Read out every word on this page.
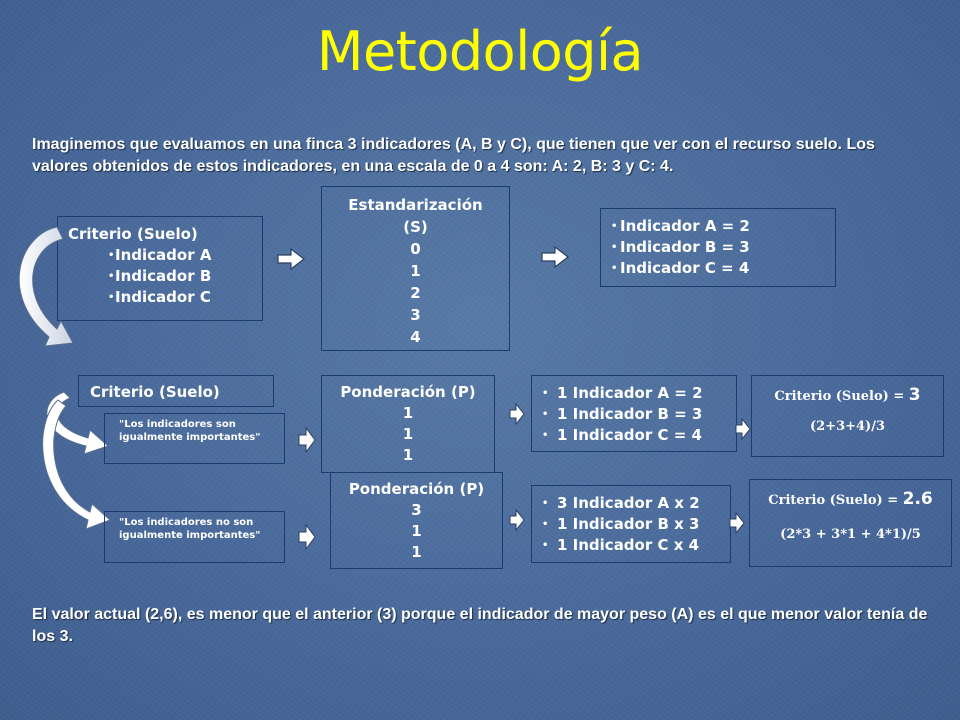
Metodología
Imaginemos que evaluamos en una finca 3 indicadores (A, B y C), que tienen que ver con el recurso suelo. Los valores obtenidos de estos indicadores, en una escala de 0 a 4 son: A: 2, B: 3 y C: 4.
Criterio (Suelo)
• Indicador A
• Indicador B
• Indicador C
Estandarización
(S)
0
1
2
3
4
• Indicador A = 2
• Indicador B = 3
• Indicador C = 4
Criterio (Suelo)
"Los indicadores son igualmente importantes"
Ponderación (P)
1
1
1
• 1 Indicador A = 2
• 1 Indicador B = 3
• 1 Indicador C = 4
Criterio (Suelo) = 3
(2+3+4)/3
"Los indicadores no son igualmente importantes"
Ponderación (P)
3
1
1
• 3 Indicador A x 2
• 1 Indicador B x 3
• 1 Indicador C x 4
Criterio (Suelo) = 2.6
(2*3 + 3*1 + 4*1)/5
El valor actual (2,6), es menor que el anterior (3) porque el indicador de mayor peso (A) es el que menor valor tenía de los 3.
